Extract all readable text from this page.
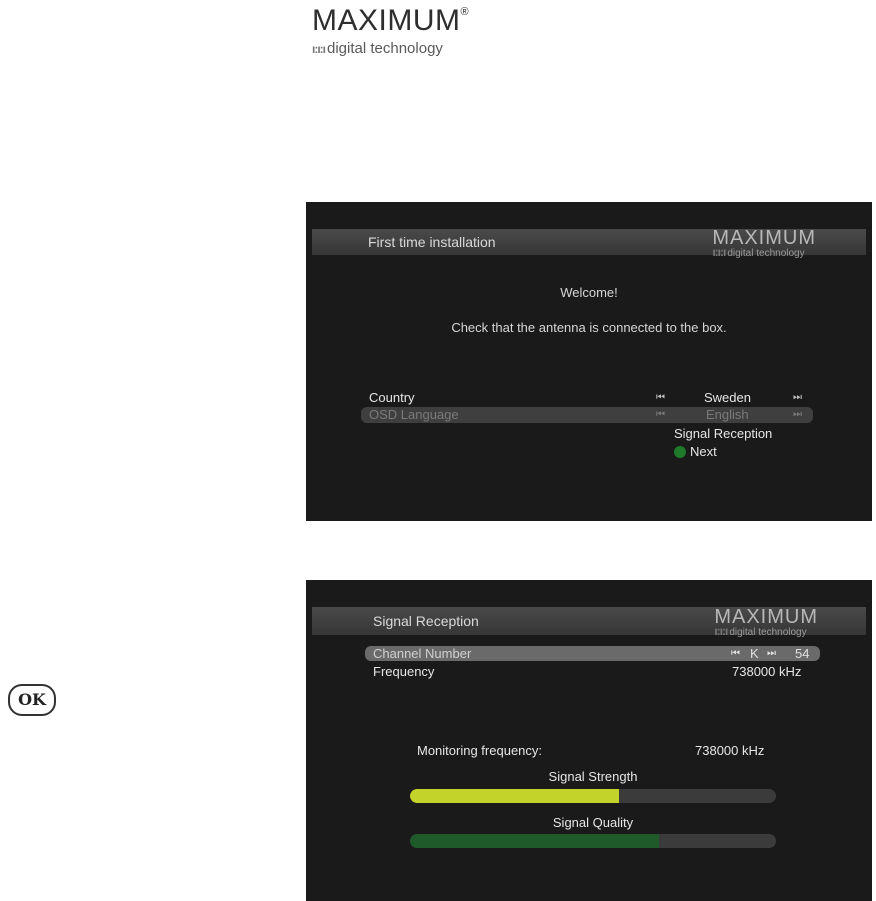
MAXIMUM®
ı:ı:ı digital technology
OK
First time installation	MAXIMUM
ı:ı:ı digital technology
Welcome!
Check that the antenna is connected to the box.
Country	⏮	Sweden	⏭
OSD Language	⏮	English	⏭
Signal Reception
Next
Signal Reception	MAXIMUM
ı:ı:ı digital technology
Channel Number	⏮ K ⏭ 54
Frequency	738000 kHz
Monitoring frequency:	738000 kHz
Signal Strength
Signal Quality
